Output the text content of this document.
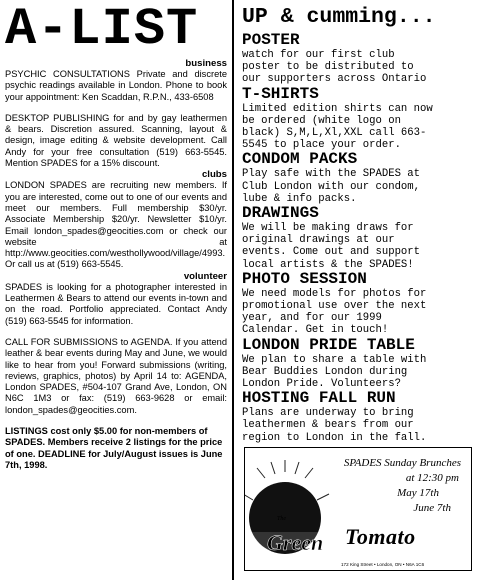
A-LIST

business

PSYCHIC CONSULTATIONS Private and discrete psychic readings available in London. Phone to book your appointment: Ken Scaddan, R.P.N., 433-6508

DESKTOP PUBLISHING for and by gay leathermen & bears. Discretion assured. Scanning, layout & design, image editing & website development. Call Andy for your free consultation (519) 663-5545. Mention SPADES for a 15% discount.

clubs

LONDON SPADES are recruiting new members. If you are interested, come out to one of our events and meet our members. Full membership $30/yr. Associate Membership $20/yr. Newsletter $10/yr. Email london_spades@geocities.com or check our website at http://www.geocities.com/westhollywood/village/4993. Or call us at (519) 663-5545.

volunteer

SPADES is looking for a photographer interested in Leathermen & Bears to attend our events in-town and on the road. Portfolio appreciated. Contact Andy (519) 663-5545 for information.

CALL FOR SUBMISSIONS to AGENDA. If you attend leather & bear events during May and June, we would like to hear from you! Forward submissions (writing, reviews, graphics, photos) by April 14 to: AGENDA, London SPADES, #504-107 Grand Ave, London, ON N6C 1M3 or fax: (519) 663-9628 or email: london_spades@geocities.com.

LISTINGS cost only $5.00 for non-members of SPADES. Members receive 2 listings for the price of one. DEADLINE for July/August issues is June 7th, 1998.

UP & cumming...
POSTER

watch for our first club
poster to be distributed to
our supporters across Ontario

T-SHIRTS

Limited edition shirts can now
be ordered (white logo on
black) S,M,L,Xl,XXL call 663-
5545 to place your order.

CONDOM PACKS

Play safe with the SPADES at
Club London with our condom,
lube & info packs.

DRAWINGS

We will be making draws for
original drawings at our
events. Come out and support
local artists & the SPADES!

PHOTO SESSION

We need models for photos for
promotional use over the next
year, and for our 1999
Calendar. Get in touch!

LONDON PRIDE TABLE

We plan to share a table with
Bear Buddies London during
London Pride. Volunteers?

HOSTING FALL RUN

Plans are underway to bring
leathermen & bears from our
region to London in the fall.

The
Green Tomato
SPADES Sunday Brunches
at 12:30 pm
May 17th
June 7th
172 King Street • London, ON • N6A 1C6
